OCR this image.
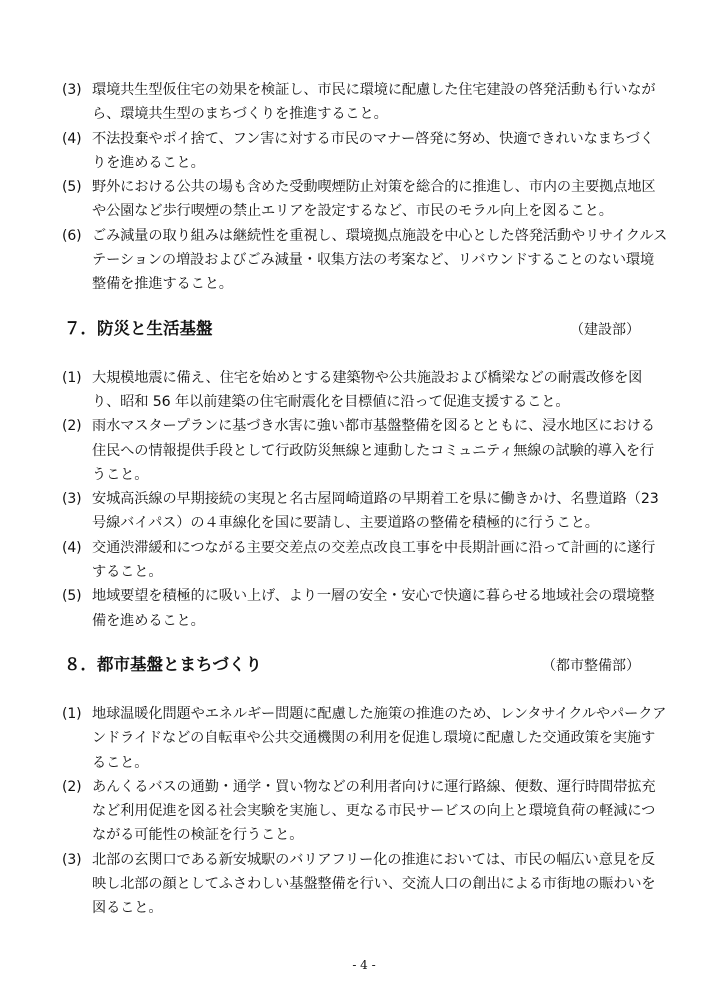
(3) 環境共生型仮住宅の効果を検証し、市民に環境に配慮した住宅建設の啓発活動も行いながら、環境共生型のまちづくりを推進すること。

(4) 不法投棄やポイ捨て、フン害に対する市民のマナー啓発に努め、快適できれいなまちづくりを進めること。

(5) 野外における公共の場も含めた受動喫煙防止対策を総合的に推進し、市内の主要拠点地区や公園など歩行喫煙の禁止エリアを設定するなど、市民のモラル向上を図ること。

(6) ごみ減量の取り組みは継続性を重視し、環境拠点施設を中心とした啓発活動やリサイクルステーションの増設およびごみ減量・収集方法の考案など、リバウンドすることのない環境整備を推進すること。

７．防災と生活基盤	（建設部）

(1) 大規模地震に備え、住宅を始めとする建築物や公共施設および橋梁などの耐震改修を図り、昭和 56 年以前建築の住宅耐震化を目標値に沿って促進支援すること。

(2) 雨水マスタープランに基づき水害に強い都市基盤整備を図るとともに、浸水地区における住民への情報提供手段として行政防災無線と連動したコミュニティ無線の試験的導入を行うこと。

(3) 安城高浜線の早期接続の実現と名古屋岡崎道路の早期着工を県に働きかけ、名豊道路（23 号線バイパス）の４車線化を国に要請し、主要道路の整備を積極的に行うこと。

(4) 交通渋滞緩和につながる主要交差点の交差点改良工事を中長期計画に沿って計画的に遂行すること。

(5) 地域要望を積極的に吸い上げ、より一層の安全・安心で快適に暮らせる地域社会の環境整備を進めること。

８．都市基盤とまちづくり	（都市整備部）

(1) 地球温暖化問題やエネルギー問題に配慮した施策の推進のため、レンタサイクルやパークアンドライドなどの自転車や公共交通機関の利用を促進し環境に配慮した交通政策を実施すること。

(2) あんくるバスの通勤・通学・買い物などの利用者向けに運行路線、便数、運行時間帯拡充など利用促進を図る社会実験を実施し、更なる市民サービスの向上と環境負荷の軽減につながる可能性の検証を行うこと。

(3) 北部の玄関口である新安城駅のバリアフリー化の推進においては、市民の幅広い意見を反映し北部の顔としてふさわしい基盤整備を行い、交流人口の創出による市街地の賑わいを図ること。

- 4 -
